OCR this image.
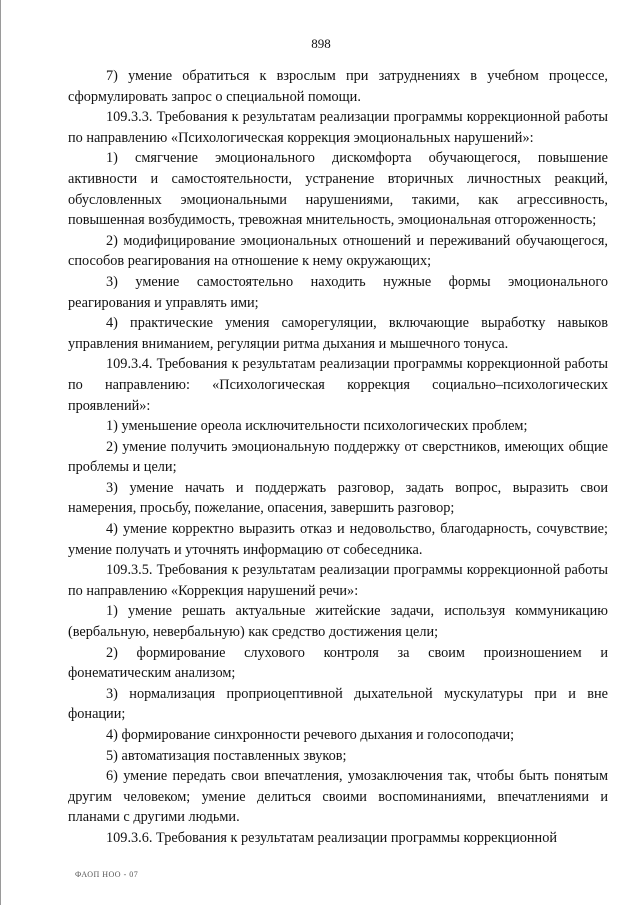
898

7) умение обратиться к взрослым при затруднениях в учебном процессе, сформулировать запрос о специальной помощи.

109.3.3. Требования к результатам реализации программы коррекционной работы по направлению «Психологическая коррекция эмоциональных нарушений»:

1) смягчение эмоционального дискомфорта обучающегося, повышение активности и самостоятельности, устранение вторичных личностных реакций, обусловленных эмоциональными нарушениями, такими, как агрессивность, повышенная возбудимость, тревожная мнительность, эмоциональная отгороженность;

2) модифицирование эмоциональных отношений и переживаний обучающегося, способов реагирования на отношение к нему окружающих;

3) умение самостоятельно находить нужные формы эмоционального реагирования и управлять ими;

4) практические умения саморегуляции, включающие выработку навыков управления вниманием, регуляции ритма дыхания и мышечного тонуса.

109.3.4. Требования к результатам реализации программы коррекционной работы по направлению: «Психологическая коррекция социально–психологических проявлений»:

1) уменьшение ореола исключительности психологических проблем;

2) умение получить эмоциональную поддержку от сверстников, имеющих общие проблемы и цели;

3) умение начать и поддержать разговор, задать вопрос, выразить свои намерения, просьбу, пожелание, опасения, завершить разговор;

4) умение корректно выразить отказ и недовольство, благодарность, сочувствие; умение получать и уточнять информацию от собеседника.

109.3.5. Требования к результатам реализации программы коррекционной работы по направлению «Коррекция нарушений речи»:

1) умение решать актуальные житейские задачи, используя коммуникацию (вербальную, невербальную) как средство достижения цели;

2) формирование слухового контроля за своим произношением и фонематическим анализом;

3) нормализация проприоцептивной дыхательной мускулатуры при и вне фонации;

4) формирование синхронности речевого дыхания и голосоподачи;

5) автоматизация поставленных звуков;

6) умение передать свои впечатления, умозаключения так, чтобы быть понятым другим человеком; умение делиться своими воспоминаниями, впечатлениями и планами с другими людьми.

109.3.6. Требования к результатам реализации программы коррекционной

ФАОП НОО - 07
